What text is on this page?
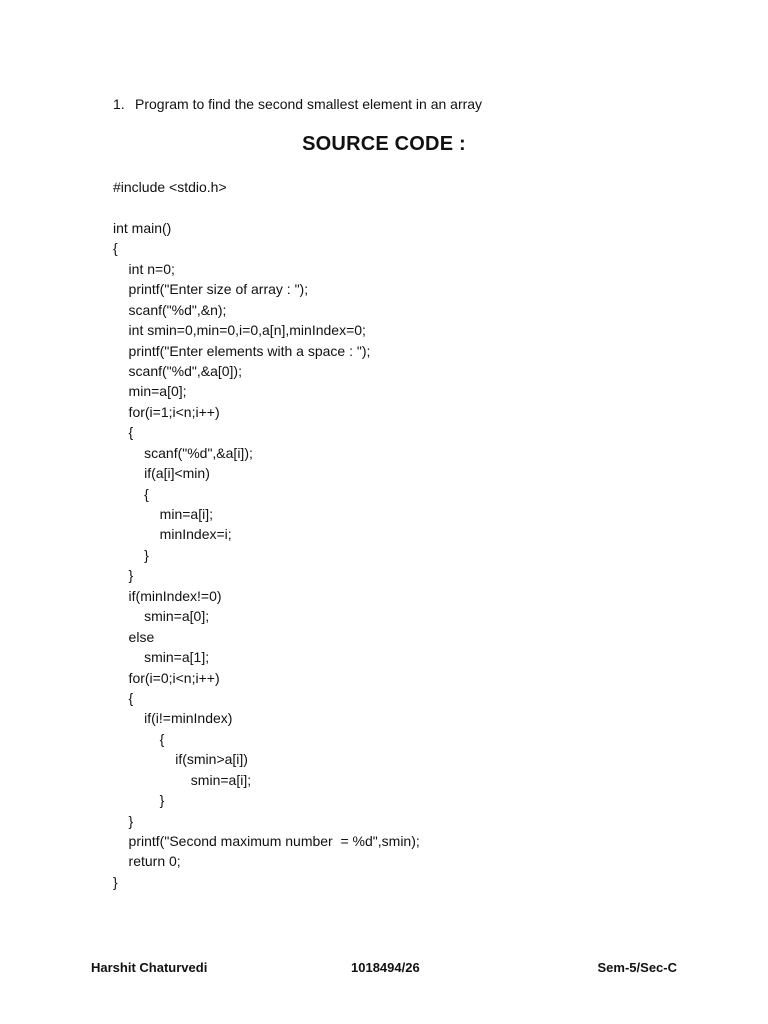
1. Program to find the second smallest element in an array
SOURCE CODE :
#include <stdio.h>
int main()
{
int n=0;
printf("Enter size of array : ");
scanf("%d",&n);
int smin=0,min=0,i=0,a[n],minIndex=0;
printf("Enter elements with a space : ");
scanf("%d",&a[0]);
min=a[0];
for(i=1;i<n;i++)
{
scanf("%d",&a[i]);
if(a[i]<min)
{
min=a[i];
minIndex=i;
}
}
if(minIndex!=0)
smin=a[0];
else
smin=a[1];
for(i=0;i<n;i++)
{
if(i!=minIndex)
{
if(smin>a[i])
smin=a[i];
}
}
printf("Second maximum number  = %d",smin);
return 0;
}
Harshit Chaturvedi	1018494/26	Sem-5/Sec-C
